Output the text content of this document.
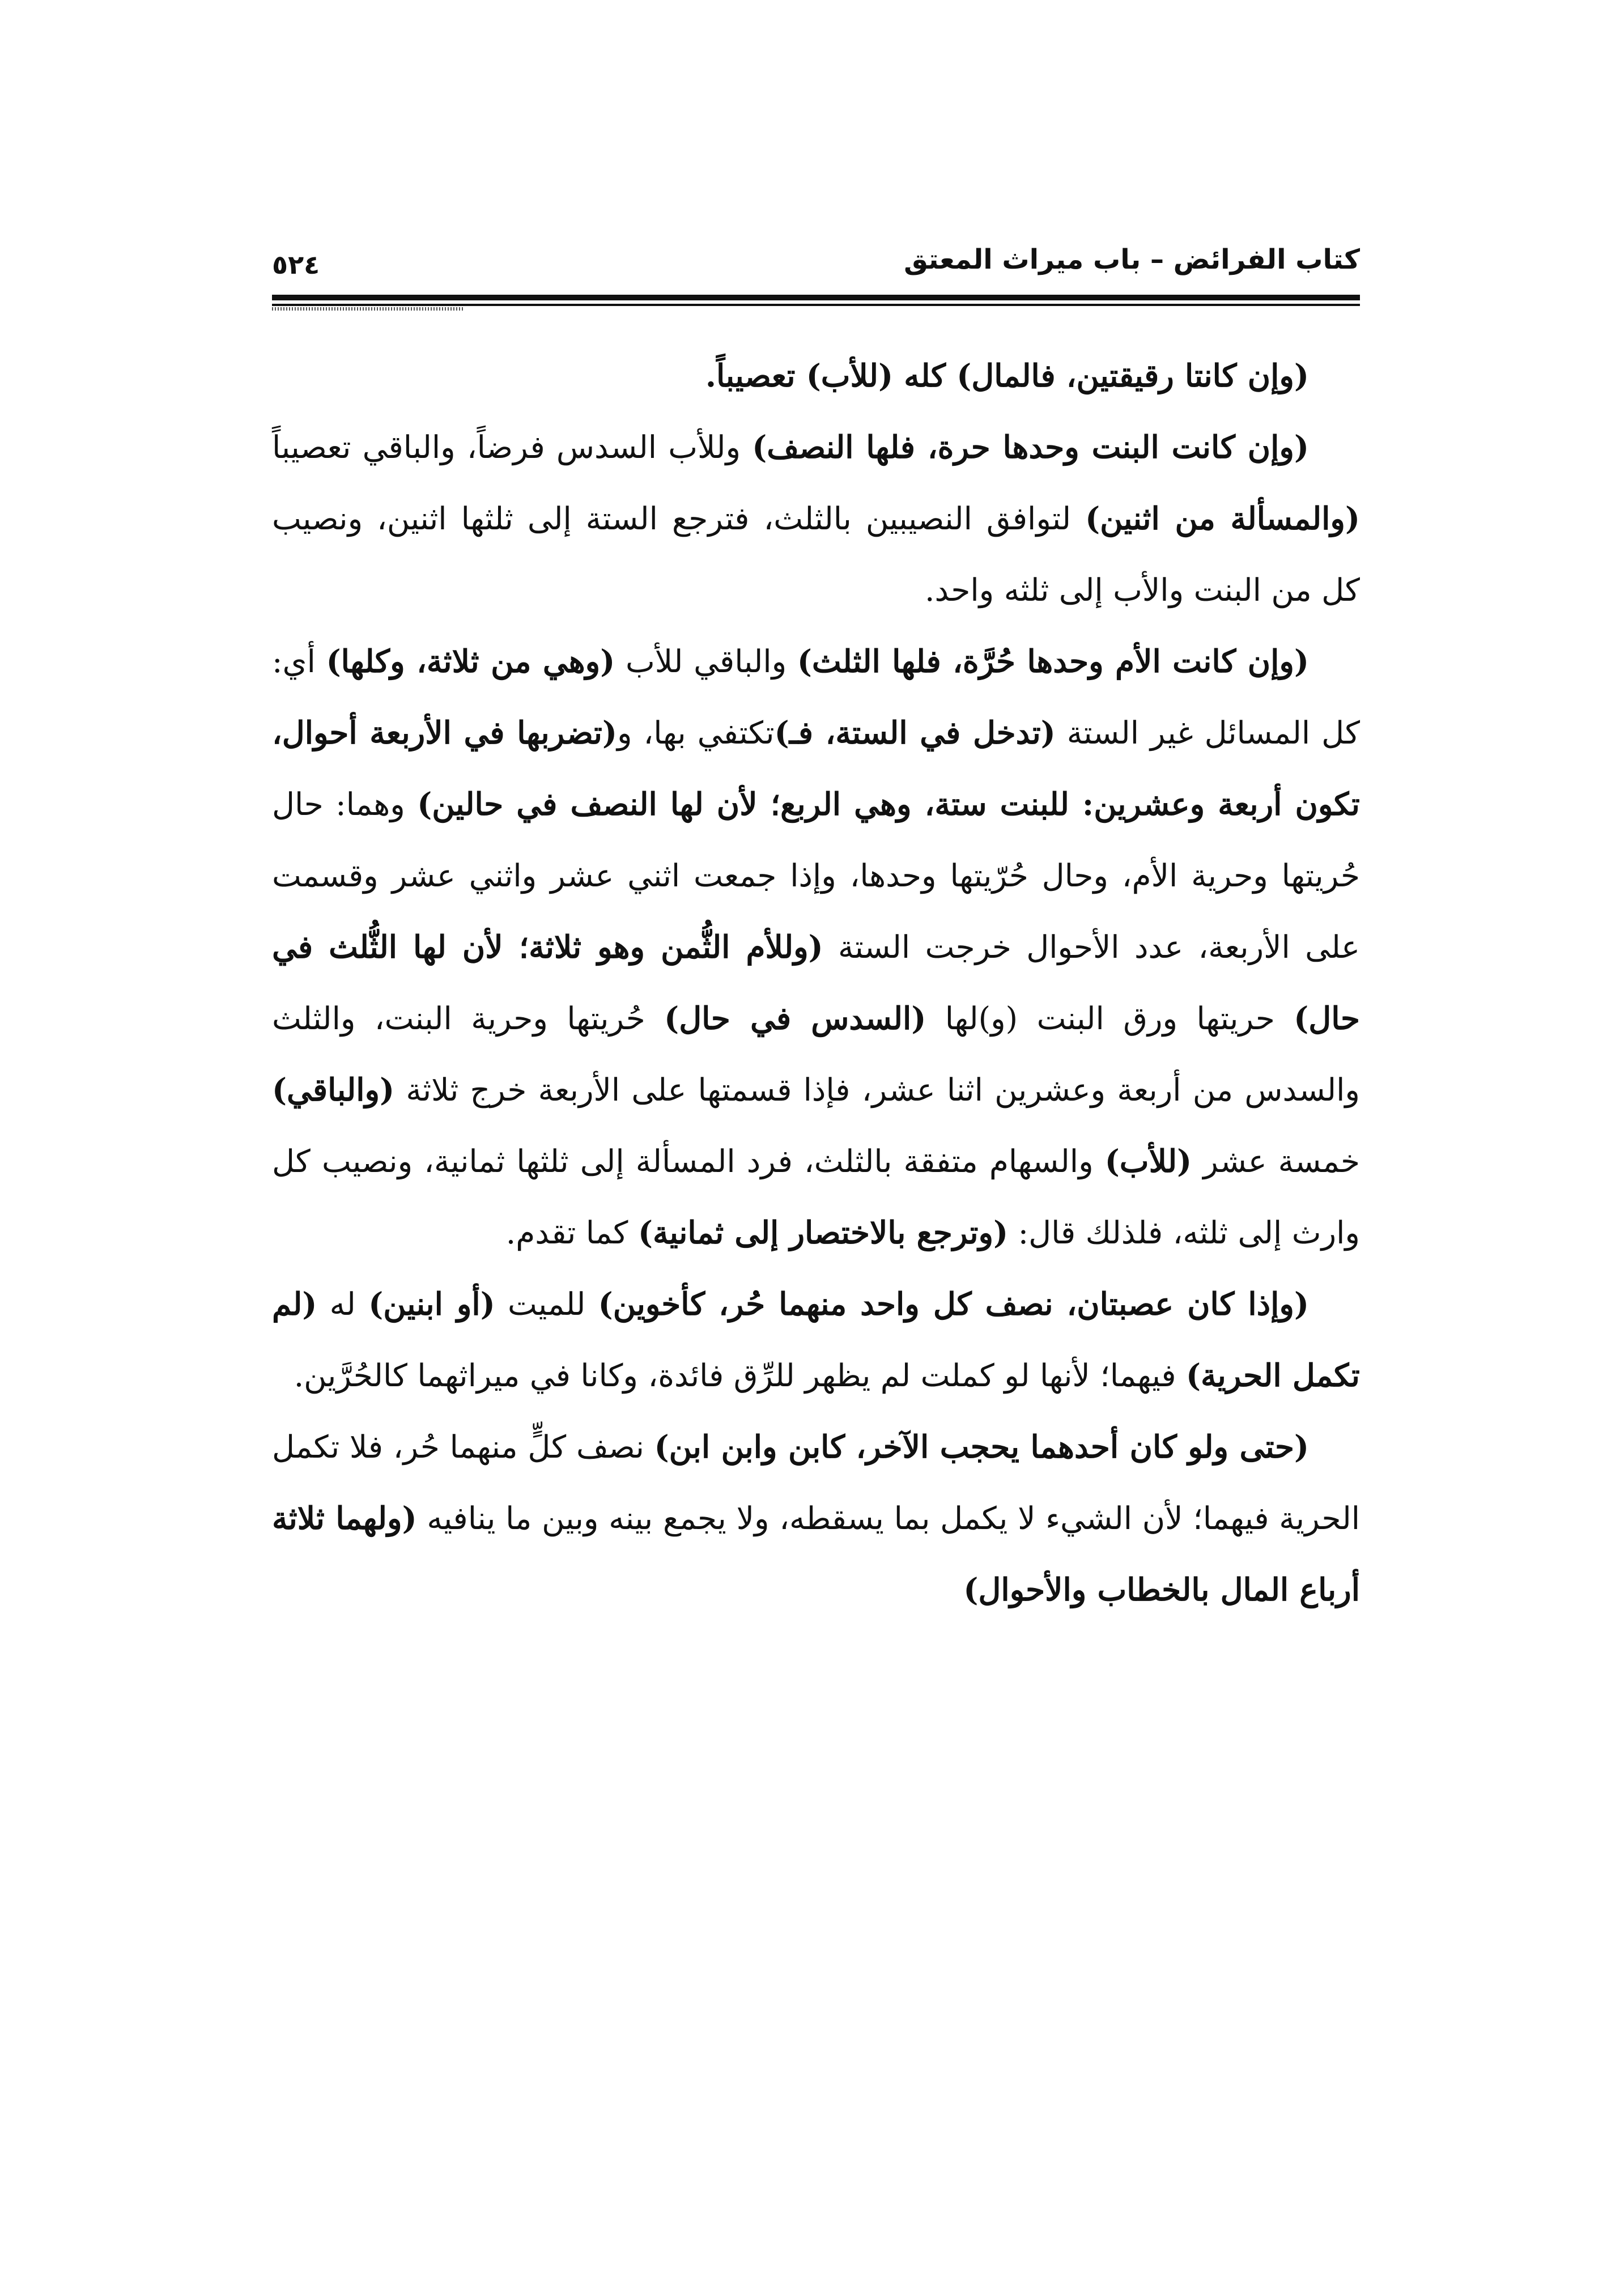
٥٢٤	كتاب الفرائض – باب ميراث المعتق

(وإن كانتا رقيقتين، فالمال) كله (للأب) تعصيباً.

(وإن كانت البنت وحدها حرة، فلها النصف) وللأب السدس فرضاً، والباقي تعصيباً (والمسألة من اثنين) لتوافق النصيبين بالثلث، فترجع الستة إلى ثلثها اثنين، ونصيب كل من البنت والأب إلى ثلثه واحد.

(وإن كانت الأم وحدها حُرَّة، فلها الثلث) والباقي للأب (وهي من ثلاثة، وكلها) أي: كل المسائل غير الستة (تدخل في الستة، فـ)تكتفي بها، و(تضربها في الأربعة أحوال، تكون أربعة وعشرين: للبنت ستة، وهي الربع؛ لأن لها النصف في حالين) وهما: حال حُريتها وحرية الأم، وحال حُرّيتها وحدها، وإذا جمعت اثني عشر واثني عشر وقسمت على الأربعة، عدد الأحوال خرجت الستة (وللأم الثُّمن وهو ثلاثة؛ لأن لها الثُّلث في حال) حريتها ورق البنت (و)لها (السدس في حال) حُريتها وحرية البنت، والثلث والسدس من أربعة وعشرين اثنا عشر، فإذا قسمتها على الأربعة خرج ثلاثة (والباقي) خمسة عشر (للأب) والسهام متفقة بالثلث، فرد المسألة إلى ثلثها ثمانية، ونصيب كل وارث إلى ثلثه، فلذلك قال: (وترجع بالاختصار إلى ثمانية) كما تقدم.

(وإذا كان عصبتان، نصف كل واحد منهما حُر، كأخوين) للميت (أو ابنين) له (لم تكمل الحرية) فيهما؛ لأنها لو كملت لم يظهر للرِّق فائدة، وكانا في ميراثهما كالحُرَّين.

(حتى ولو كان أحدهما يحجب الآخر، كابن وابن ابن) نصف كلٍّ منهما حُر، فلا تكمل الحرية فيهما؛ لأن الشيء لا يكمل بما يسقطه، ولا يجمع بينه وبين ما ينافيه (ولهما ثلاثة أرباع المال بالخطاب والأحوال)
